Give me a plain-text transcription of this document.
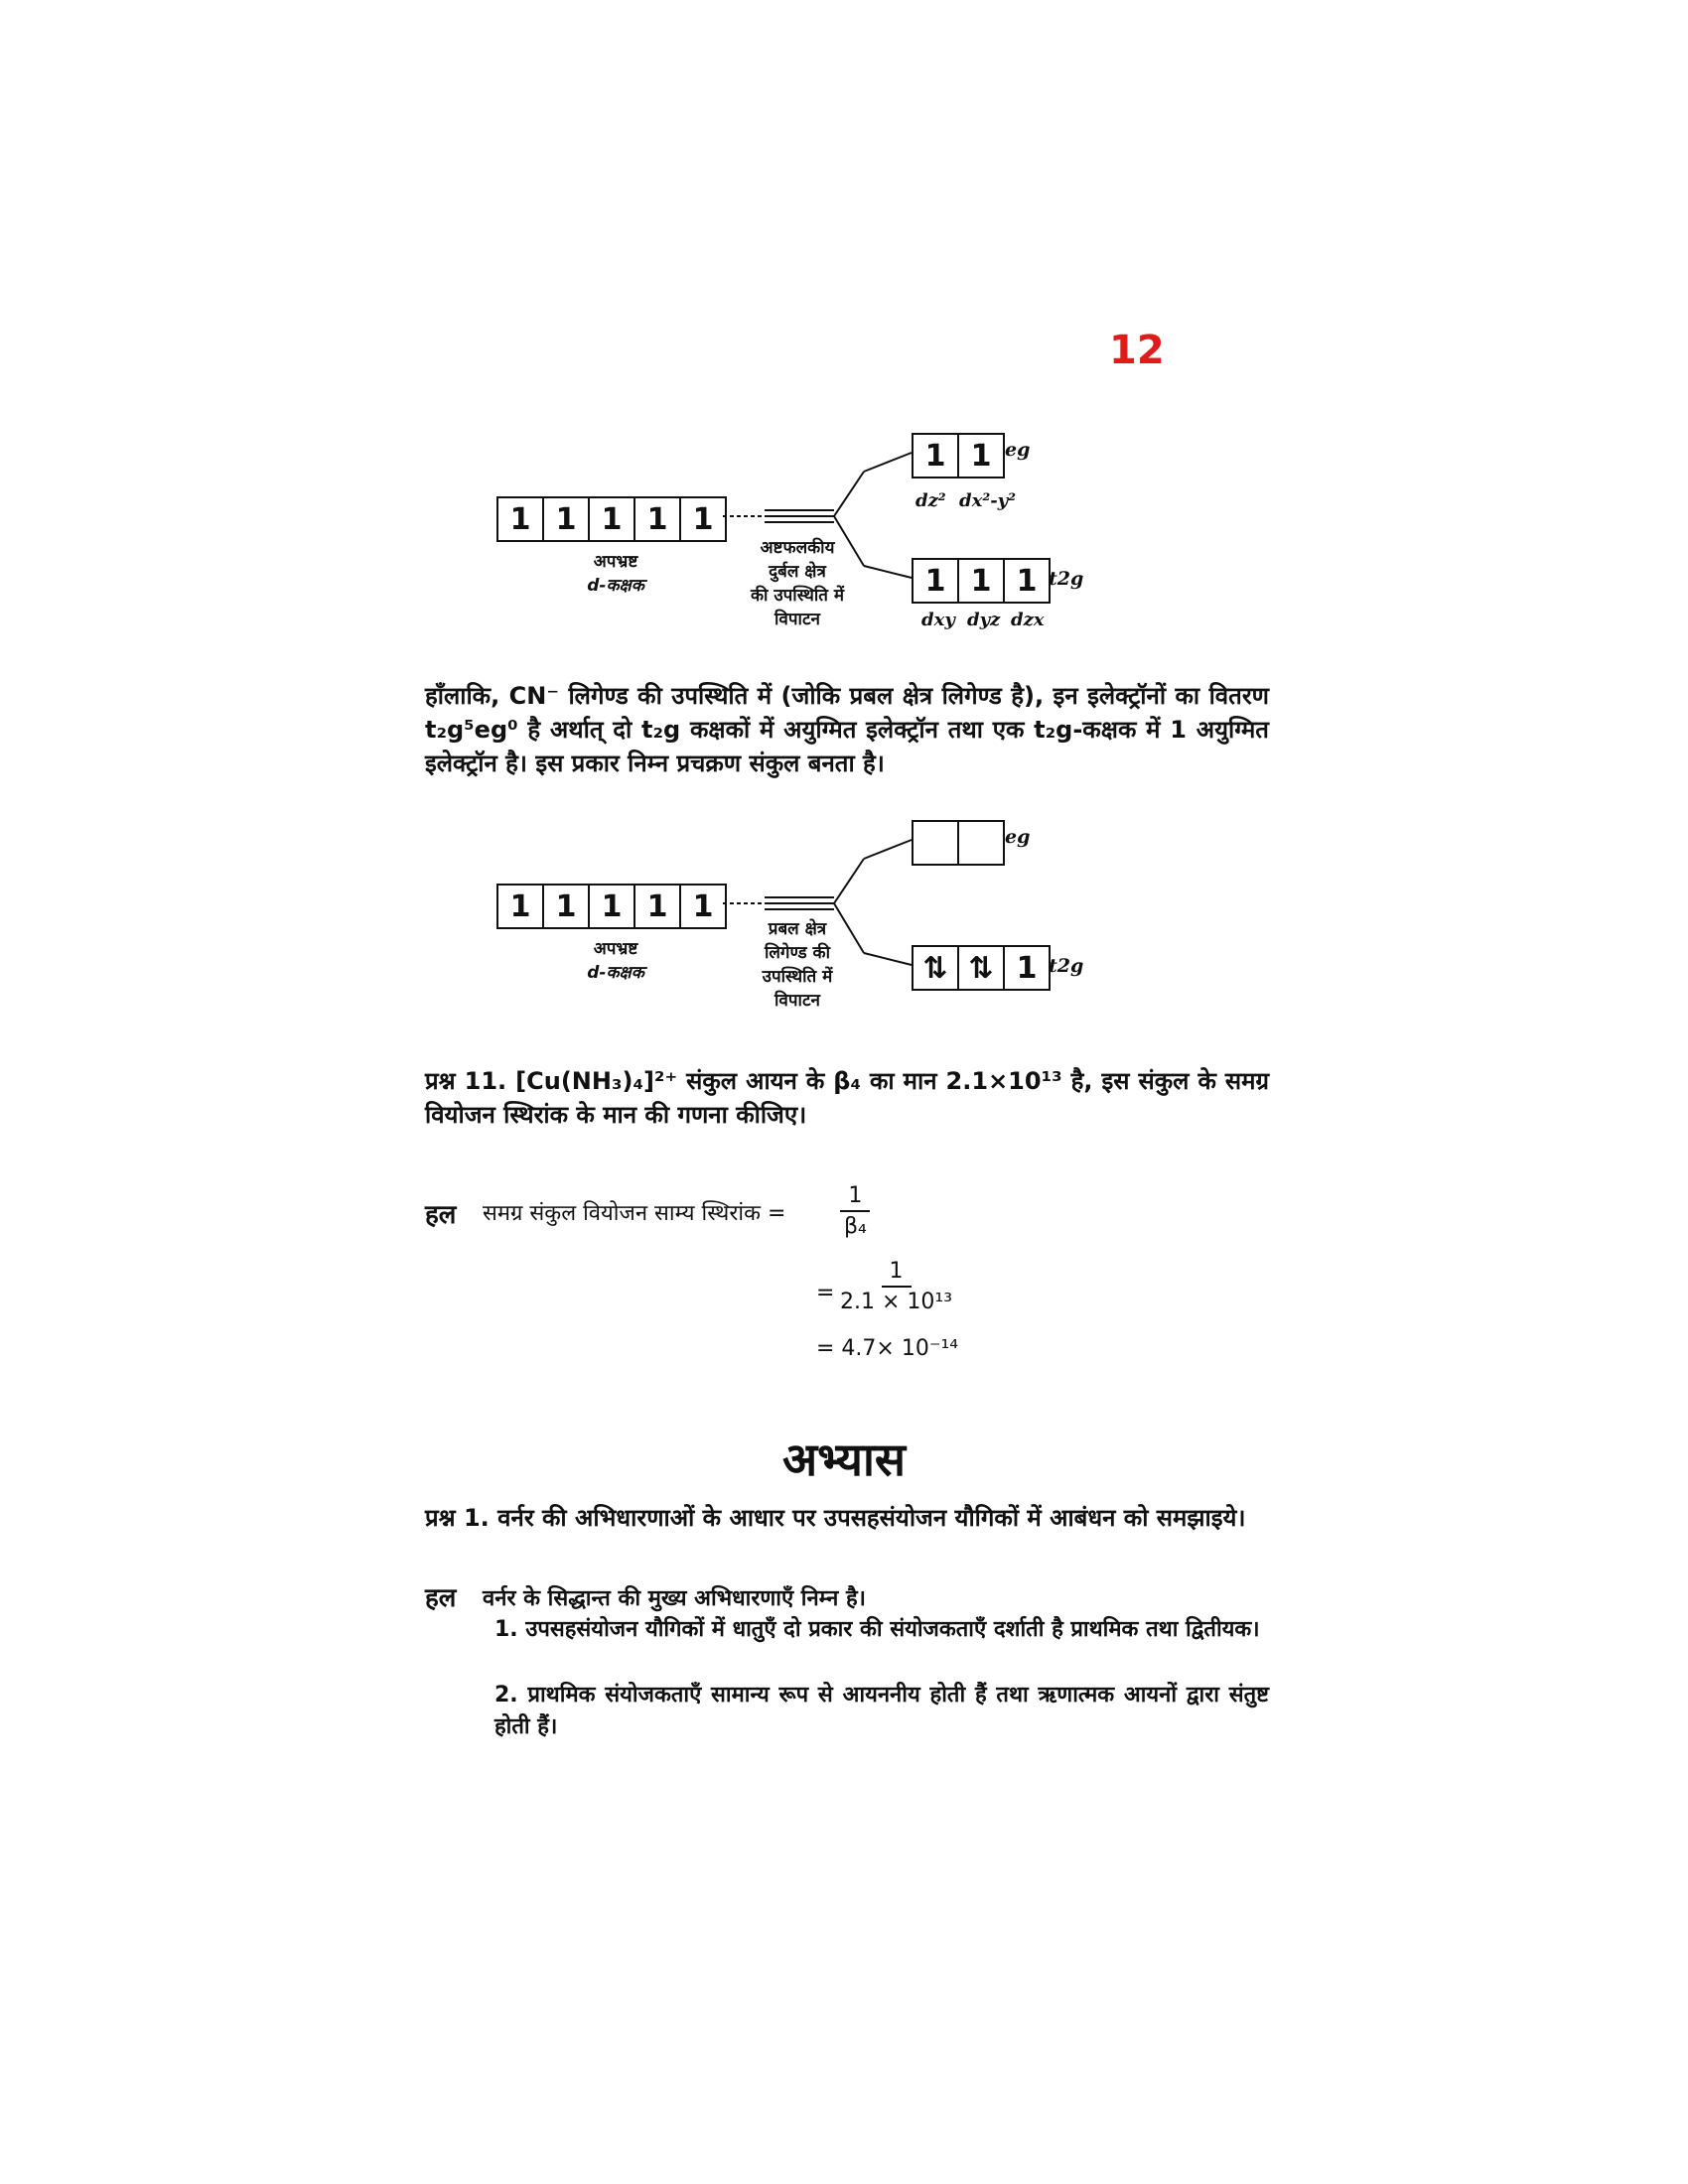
12
1 1 1 1 1
अपभ्रष्ट
d-कक्षक
अष्टफलकीय
दुर्बल क्षेत्र
की उपस्थिति में
विपाटन
1 1 eg
dz² dx²-y²
1 1 1 t2g
dxy dyz dzx

हाँलाकि, CN⁻ लिगेण्ड की उपस्थिति में (जोकि प्रबल क्षेत्र लिगेण्ड है), इन इलेक्ट्रॉनों का वितरण t₂g⁵eg⁰ है अर्थात् दो t₂g कक्षकों में अयुग्मित इलेक्ट्रॉन तथा एक t₂g-कक्षक में 1 अयुग्मित इलेक्ट्रॉन है। इस प्रकार निम्न प्रचक्रण संकुल बनता है।

1 1 1 1 1
अपभ्रष्ट
d-कक्षक
प्रबल क्षेत्र
लिगेण्ड की
उपस्थिति में
विपाटन
eg
⇅ ⇅ 1 t2g

प्रश्न 11. [Cu(NH₃)₄]²⁺ संकुल आयन के β₄ का मान 2.1×10¹³ है, इस संकुल के समग्र वियोजन स्थिरांक के मान की गणना कीजिए।

हल समग्र संकुल वियोजन साम्य स्थिरांक = $\frac{1}{\text{β₄}}$
=
$\frac{1}{\text{2.1 × 10¹³}}$
= 4.7× 10⁻¹⁴
अभ्यास

प्रश्न 1. वर्नर की अभिधारणाओं के आधार पर उपसहसंयोजन यौगिकों में आबंधन को समझाइये।

हल वर्नर के सिद्धान्त की मुख्य अभिधारणाएँ निम्न है।

1. उपसहसंयोजन यौगिकों में धातुएँ दो प्रकार की संयोजकताएँ दर्शाती है प्राथमिक तथा द्वितीयक।

2. प्राथमिक संयोजकताएँ सामान्य रूप से आयननीय होती हैं तथा ऋणात्मक आयनों द्वारा संतुष्ट होती हैं।
